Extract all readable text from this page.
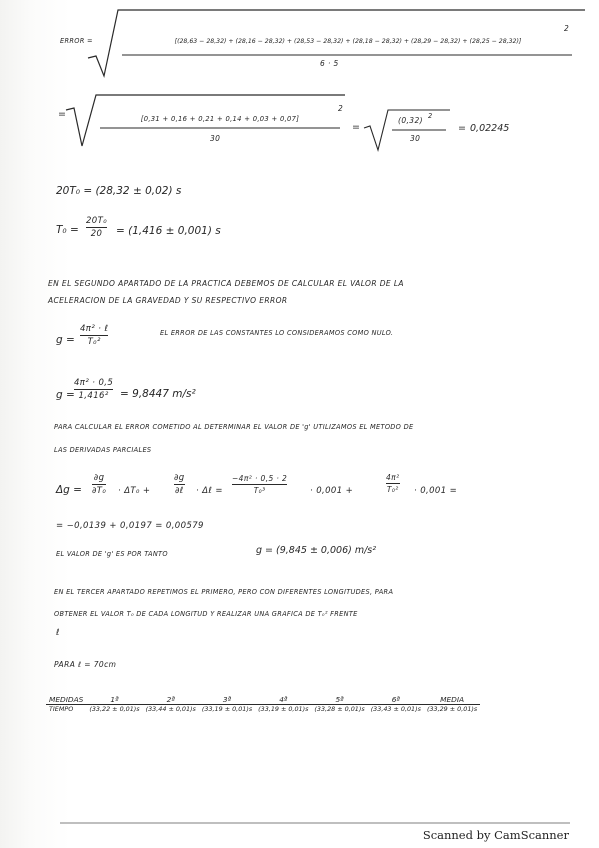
ERROR =	[(28,63 − 28,32) + (28,16 − 28,32) + (28,53 − 28,32) + (28,18 − 28,32) + (28,29 − 28,32) + (28,25 − 28,32)]
2
6 · 5
=	[0,31 + 0,16 + 0,21 + 0,14 + 0,03 + 0,07]
2
30
=
(0,32) 2
30
= 0,02245
20T₀ = (28,32 ± 0,02) s
T₀ =
20T₀
20 = (1,416 ± 0,001) s
EN EL SEGUNDO APARTADO DE LA PRACTICA DEBEMOS DE CALCULAR EL VALOR DE LA
ACELERACION DE LA GRAVEDAD Y SU RESPECTIVO ERROR
g =
4π² · ℓ
T₀²
EL ERROR DE LAS CONSTANTES LO CONSIDERAMOS COMO NULO.
g =
4π² · 0,5
1,416² = 9,8447 m/s²
PARA CALCULAR EL ERROR COMETIDO AL DETERMINAR EL VALOR DE 'g' UTILIZAMOS EL METODO DE
LAS DERIVADAS PARCIALES
Δg =
∂g
∂T₀ · ΔT₀ +
∂g
∂ℓ · Δℓ =
−4π² · 0,5 · 2
T₀³	· 0,001 +
4π²
T₀² · 0,001 =
= −0,0139 + 0,0197 = 0,00579
EL VALOR DE 'g' ES POR TANTO	g = (9,845 ± 0,006) m/s²
EN EL TERCER APARTADO REPETIMOS EL PRIMERO, PERO CON DIFERENTES LONGITUDES, PARA
OBTENER EL VALOR T₀ DE CADA LONGITUD Y REALIZAR UNA GRAFICA DE T₀² FRENTE
ℓ
PARA ℓ = 70cm
MEDIDAS	1ª	2ª	3ª	4ª	5ª	6ª	MEDIA
TIEMPO	(33,22 ± 0,01)s	(33,44 ± 0,01)s	(33,19 ± 0,01)s	(33,19 ± 0,01)s	(33,28 ± 0,01)s	(33,43 ± 0,01)s	(33,29 ± 0,01)s
Scanned by CamScanner
